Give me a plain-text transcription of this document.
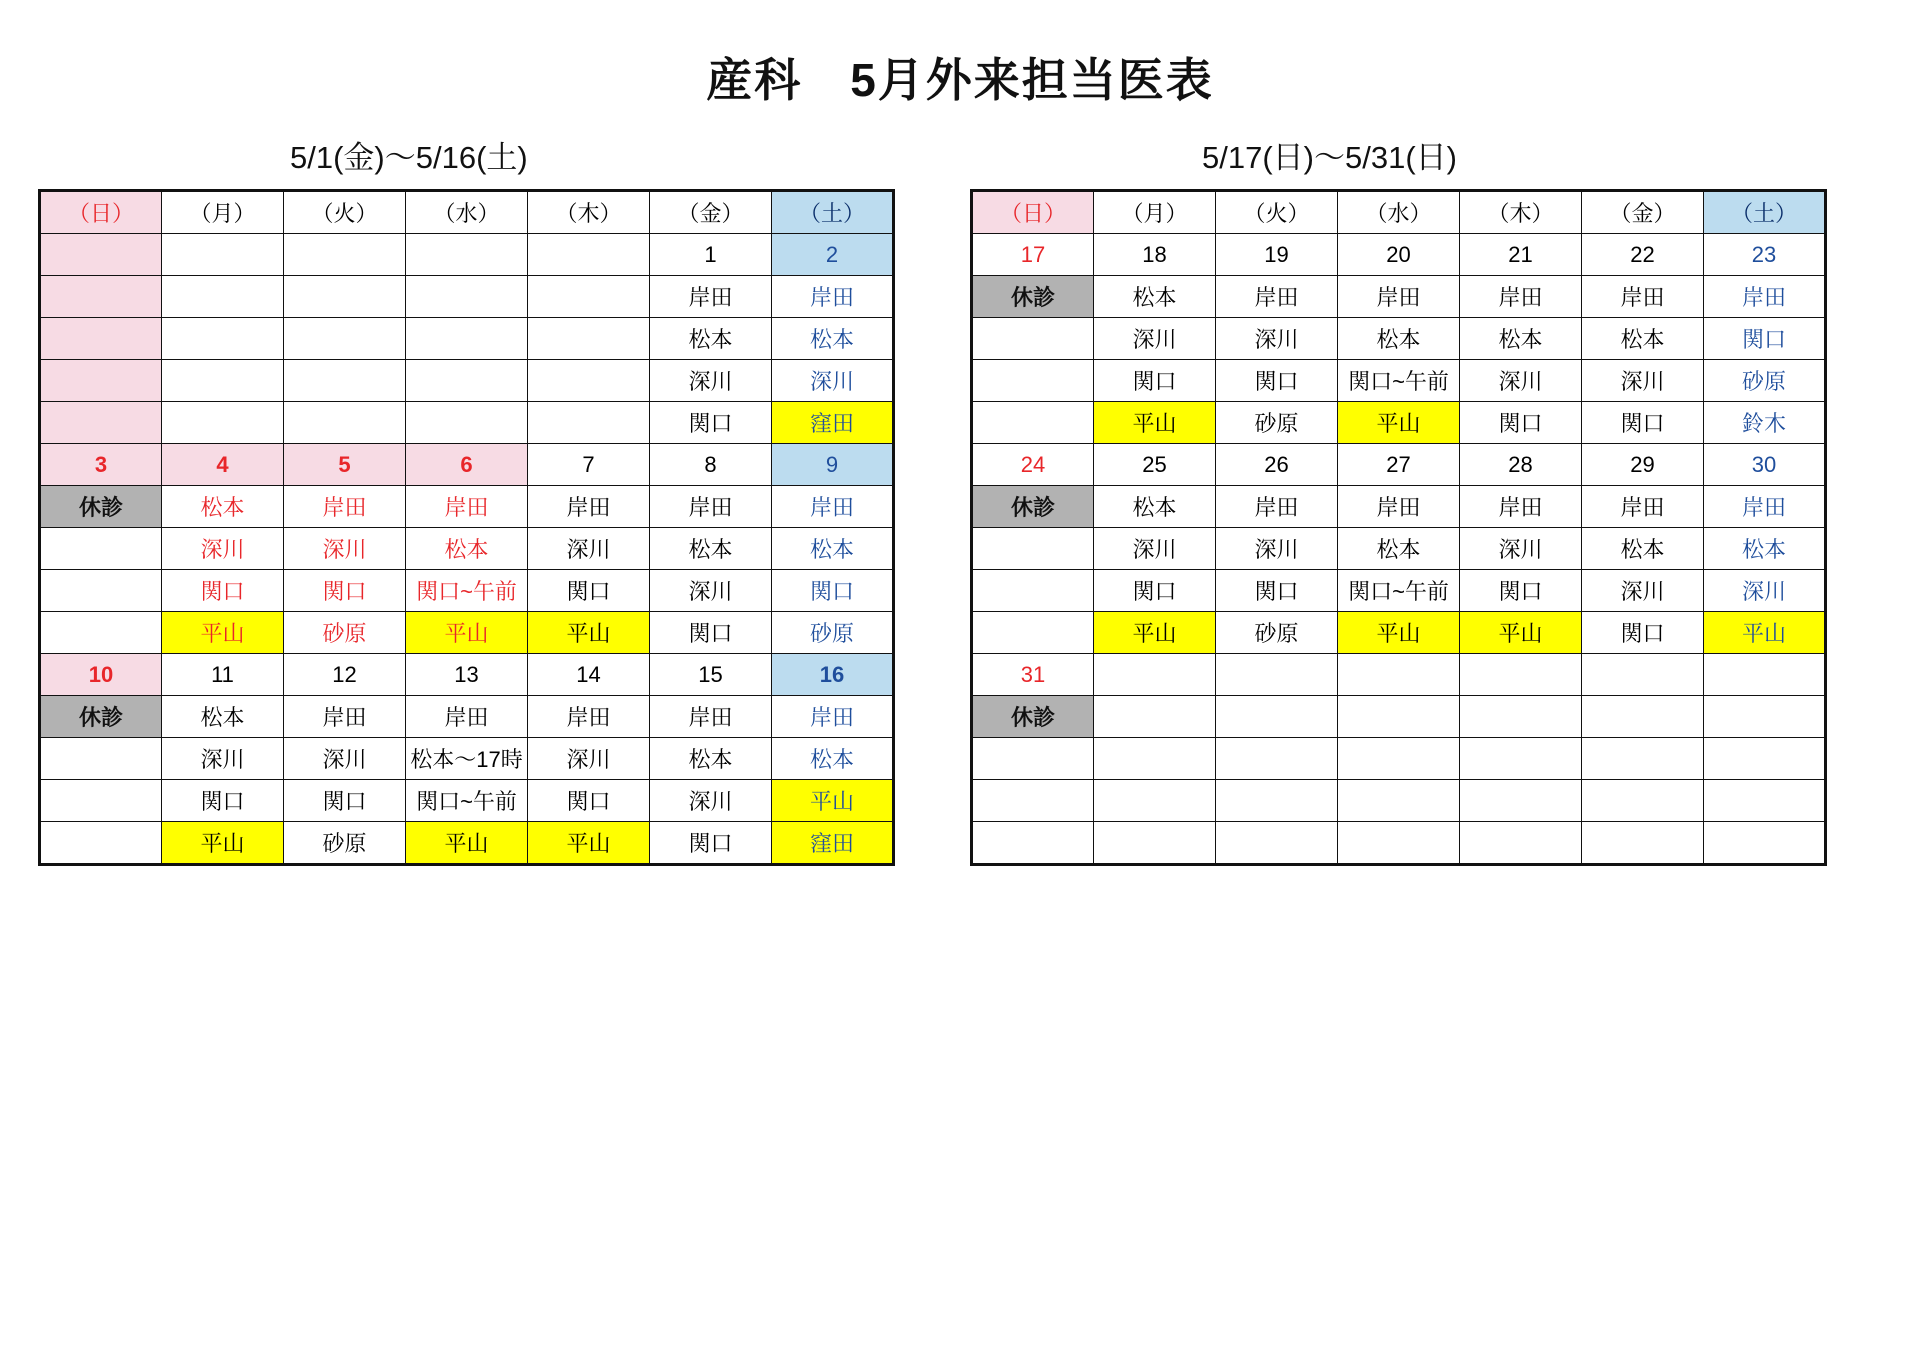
産科　5月外来担当医表
5/1(金)～5/16(土)
（日）	（月）	（火）	（水）	（木）	（金）	（土）
					1	2
					岸田	岸田
					松本	松本
					深川	深川
					関口	窪田
3	4	5	6	7	8	9
休診	松本	岸田	岸田	岸田	岸田	岸田
	深川	深川	松本	深川	松本	松本
	関口	関口	関口~午前	関口	深川	関口
	平山	砂原	平山	平山	関口	砂原
10	11	12	13	14	15	16
休診	松本	岸田	岸田	岸田	岸田	岸田
	深川	深川	松本～17時	深川	松本	松本
	関口	関口	関口~午前	関口	深川	平山
	平山	砂原	平山	平山	関口	窪田
5/17(日)～5/31(日)
（日）	（月）	（火）	（水）	（木）	（金）	（土）
17	18	19	20	21	22	23
休診	松本	岸田	岸田	岸田	岸田	岸田
	深川	深川	松本	松本	松本	関口
	関口	関口	関口~午前	深川	深川	砂原
	平山	砂原	平山	関口	関口	鈴木
24	25	26	27	28	29	30
休診	松本	岸田	岸田	岸田	岸田	岸田
	深川	深川	松本	深川	松本	松本
	関口	関口	関口~午前	関口	深川	深川
	平山	砂原	平山	平山	関口	平山
31						
休診						
